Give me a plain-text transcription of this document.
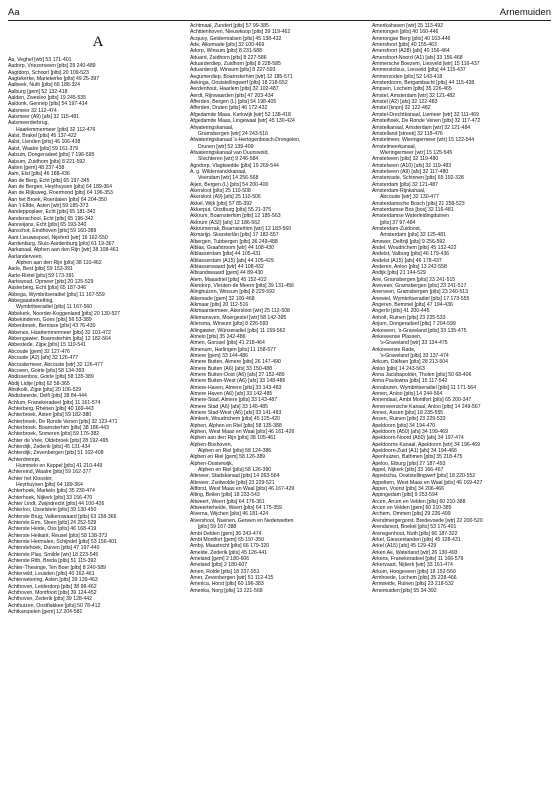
Aa	Arnemuiden
A
Aa, Veghel [wtr] 53 171-401
Aadorp, Vriezenveen [plts] 29 240-489
Aagtdorp, Schoorl [plts] 20 109-523
Aagtekerke, Mariekerke [plts] 49 25-397
Aalbeek, Nuth [plts] 66 188-324
Aalburg [gem] 52 132-418
Aalden, Zweeloo [plts] 19 245-535
Aaldonk, Gennep [plts] 54 197-414
Aalsmeer 32 112-474
Aalsmeer (A9) [afs] 32 115-481
Aalsmeerderbrug,
Haarlemmermeer [plts] 32 112-476
Aalst, Brakel [plts] 45 137-422
Aalst, Lienden [plts] 46 166-438
Aalst, Waalre [plts] 59 161-379
Aalsum, Dongeradeel [plts] 7 196-595
Aalsum, Zuidhorn [plts] 8 221-592
Aalten [gem] 48 237-438
Aam, Elst [plts] 46 188-436
Aan de Berg, Echt [plts] 65 197-345
Aan de Bergen, Heythuysen [plts] 64 189-364
Aan de Rijksweg, Roermond [plts] 64 196-353
Aan het Broek, Roerdalen [plts] 64 204-350
Aan 't Elfde, Asten [wtr] 59 185-373
Aandeppoplaer, Echt [plts] 65 181-342
Aandenschool, Echt [plts] 65 196-342
Aanneijans, Echt [plts] 65 193-340
Aanschot, Eindhoven [plts] 59 160-389
Aant Lieuwespoel, Nijeferd [wtr] 16 162-550
Aardenburg, Sluis-Aardenburg [plts] 61 19-367
Aarkanaal, Alphen aan den Rijn [wtr] 38 108-461
Aarlanderveen,
Alphen aan den Rijn [plts] 38 110-462
Aarle, Best [plts] 59 153-391
Aarle-Rixtel [plts] 59 173-391
Aartswoud, Opmeer [plts] 20 125-529
Aasterberg, Echt [plts] 65 187-346
Abbega, Wymbritseradiel [plts] 11 167-559
Abbegaasterketting,
Wymbritseradiel [plts] 11 167-560
Abbekerk, Noorder-Koggenland [plts] 20 130-527
Abbekinderen, Goes [plts] 56 53-389
Abbenbroek, Bernisse [plts] 43 76-430
Abbenes, Haarlemmermeer [plts] 32 101-472
Abbengawier, Boarnsterhim [plts] 12 182-564
Abbestede, Zijpe [plts] 15 110-541
Abcoude [gem] 32 127-476
Abcoude (A2) [afs] 32 126-477
Abcoudermeer, Abcoude [wtr] 32 126-477
Abcoven, Goirle [plts] 58 134-393
Abdissenbos, Goirle [plts] 58 135-389
Abdij Lidije [plts] 62 58-365
Abstkolk, Zijpe [plts] 20 106-529
Abdisbeerde, Delfi [plts] 38 84-444
Achlum, Franekeradeel [plts] 11 161-574
Achterberg, Rhenen [plts] 40 169-443
Achterbroek, Asten [plts] 59 182-380
Achterbroek, De Ronde Venen [plts] 32 123-471
Achterbroek, Boarnsterhim [plts] 38 186-443
Achterbroek, Someren [plts] 59 176-382
Achter de Vree, Oldebroek [plts] 28 192-495
Achterdijk, Zederik [plts] 45 131-434
Achterdijk, Zevenbergen [plts] 51 102-408
Achterdrempt,
Hummelo en Keppel [plts] 41 210-449
Achtereind, Waalre [plts] 59 162-377
Achter het Klooster,
Heythuysen [plts] 64 189-364
Achterhoek, Markelo [plts] 35 230-474
Achterhoek, Nijkerk [plts] 33 156-470
Achter Lindt, Zwijndrecht [plts] 44 100-426
Achterloo, IJsselstein [plts] 39 130-450
Achterste Brug, Valkenswaard [plts] 63 158-366
Achterste Erm, Sleen [plts] 24 252-529
Achterste Heide, Oss [plts] 46 168-419
Achterste Heikant, Reusel [plts] 58 138-373
Achterste Hermalen, Schijndel [plts] 53 156-401
Achterstehoek, Duiven [plts] 47 197-440
Achterste Plas, Smilde [wtr] 18 223-545
Achterste Rith, Breda [plts] 51 115-392
Achter-Thesinge, Ten Boer [plts] 8 240-589
Achterveld, Leusden [plts] 40 162-461
Achterwetering, Asten [plts] 39 139-463
Achthoven, Leiderdorp [plts] 38 98-462
Achthoven, Montfoort [plts] 39 124-452
Achthoven, Zederik [plts] 39 128-442
Achthuizen, Oostflakkee [plts] 50 78-412
Achtkarspelen [gem] 12 204-581
Achtmaal, Zundert [plts] 57 99-385
Achttienhoven, Nieuwkoop [plts] 39 119-462
Acquoy, Geldermalsen [plts] 45 138-432
Ade, Alkemade [plts] 32 100-469
Adorp, Winsum [plts] 8 231-588
Aduard, Zuidhorn [plts] 8 227-586
Aduarderdiep, Zuidhorn [plts] 8 228-585
Aduarderzijl, Winsum [plts] 8 227-593
Aegumerdiep, Boarnsterhim [wtr] 12 185-571
Aekinga, Ooststellingwerf [plts] 18 218-552
Aerdenhout, Haarlem [plts] 32 102-487
Aerdt, Rijnwaarden [plts] 47 203-434
Afferden, Bergen (L) [plts] 54 198-405
Afferden, Druten [plts] 46 172-432
Afgedamde Maas, Kerkwijk [wtr] 52 138-418
Afgedamde Maas, Lingewaal [wtr] 45 130-424
Afwateringskanaal,
Gramsbergen [wtr] 24 243-516
Afwateringskanaal 's-Hertogenbosch-Drongelen,
Drunen [wtr] 52 139-409
Afwateringskanaal van Duurswold,
Slochteren [wtr] 9 246-584
Agodorp, Vlagtwedde [plts] 19 269-544
A. g. Wildervanckkanaal,
Veendam [wtr] 14 256-568
Aijen, Bergen (L) [plts] 54 200-400
Akersloot [plts] 25 110-508
Akersloot (A9) [afs] 25 110-506
Akkel, Wijk [plts] 57 85-392
Akkerput, Oostburg [plts] 55 21-375
Akkrum, Boarnsterhim [plts] 12 185-563
Akkrum (A32) [afs] 12 186-562
Akkrumerrak, Boarnsterhim [wtr] 12 183-560
Akmarijp, Skarsterlân [plts] 17 182-557
Albergen, Tubbergen [plts] 36 249-488
Alblas, Graafstroom [wtr] 44 108-430
Alblasserdam [plts] 44 105-431
Alblasserdam (A15) [afs] 44 105-429
Alblasserwaard [wtr] 44 108-432
Albrandswaard [gem] 44 89-430
Alem, Maasdriel [plts] 45 152-422
Alendorp, Vleuten-de Meern [plts] 39 131-456
Alinghuizen, Winsum [plts] 8 229-592
Alkemade [gem] 32 100-468
Alkmaar [plts] 20 112-516
Alkmaardermeer, Akersloot [wtr] 25 112-508
Allemansven, Moergestel [wtr] 58 142-395
Allersma, Winsum [plts] 8 226-593
Allingawier, Wûnseradiel [plts] 11 159-562
Almelo [plts] 35 242-486
Almen, Gorssel [plts] 41 218-464
Almenum, Harlingen [plts] 11 158-577
Almere [gem] 33 144-486
Almere Buiten, Almere [plts] 26 147-490
Almere Buiten (A6) [afs] 33 150-488
Almere Buiten-Oost (A6) [afs] 27 152-489
Almere Buiten-West (A6) [afs] 33 148-486
Almere-Haven, Almere [plts] 33 143-483
Almere Haven (A6) [afs] 33 142-485
Almere-Stad, Almere [plts] 33 143-487
Almere Stad (A6) [afs] 33 146-485
Almere Stad-West (A6) [afs] 33 141-483
Almkerk, Woudrichem [plts] 45 125-420
Alphen, Alphen en Riel [plts] 58 135-388
Alphen, West Maas en Waal [plts] 46 161-426
Alphen aan den Rijn [plts] 38 105-461
Alphen-Boshoven,
Alphen en Riel [plts] 58 124-386
Alphen en Riel [gem] 58 126-389
Alphen-Oosterwijk,
Alphen en Riel [plts] 58 126-390
Alteveer, Stadskanaal [plts] 14 263-564
Alteveer, Zuidwolde [plts] 23 229-521
Altforst, West Maas en Waal [plts] 46 167-429
Alting, Beilen [plts] 18 233-543
Altweert, Weert [plts] 64 176-361
Altweerterheide, Weert [plts] 64 175-359
Alverna, Wijchen [plts] 46 181-424
Alvershool, Nuenen, Gerwen en Nederwetten
[plts] 59 167-388
Ambt Delden [gem] 36 243-474
Ambt Montfort [gem] 65 197-350
Amby, Maastricht [plts] 66 179-320
Ameide, Zederik [plts] 45 126-441
Ameland [gem] 2 180-606
Ameland [plts] 2 180-607
Amen, Rolde [plts] 18 237-551
Amer, Zevenbergen [wtr] 51 112-415
America, Horst [plts] 60 196-383
Amerika, Norg [plts] 13 221-568
Amerikahaven [wtr] 25 113-492
Amerongen [plts] 40 160-446
Amerongse Berg [plts] 40 163-446
Amersfoort [plts] 40 155-463
Amersfoort (A28) [afs] 40 156-464
Amersfoort-Noord (A1) [afs] 33 156-468
Ammersche Boezem, Liesveld [wtr] 15 116-437
Ammerstolsus, Liesveld [plts] 44 115-437
Ammerzoden [plts] 52 143-418
Amsterdoorn, Bergambacht [plts] 44 115-438
Ampsen, Lochem [plts] 35 226-465
Amstel, Amsterdam [wtr] 32 121-482
Amstel (A2) [afs] 32 122-483
Amstel [knpn] 32 122-482
Amstel-Drechtkanaal, Liemeer [wtr] 32 111-469
Amstelhoek, De Ronde Venen [plts] 32 117-472
Amstelkanaal, Amsterdam [wtr] 32 121-484
Amstelland [streek] 32 118-476
Amstelmeer, Wieringermeer [wtr] 15 122-544
Amstelmeerkanaal,
Wieringermeer [wtr] 15 125-545
Amstelveen [plts] 32 119-480
Amstelveen (A10) [afs] 32 119-483
Amstelveen (A9) [afs] 32 117-480
Amstenrade, Schinnen [plts] 65 192-328
Amsterdam [plts] 32 121-487
Amsterdam-Rijnkanaal,
Abcoude [wtr] 32 130-477
Amsterdamsche Bosch [plts] 21 258-523
Amsterdamse Bos [bos] 32 116-481
Amsterdamse Waterleidingduinen
[plts] 37 97-484
Amsterdam-Zuidoost,
Amsterdam [plts] 32 125-481
Amswer, Delfzijl [plts] 9 256-592
Andel, Woudrichem [plts] 45 132-422
Andelst, Valburg [plts] 46 179-436
Andelst (A15) [afs] 46 178-437
Anderen, Anloo [plts] 13 242-558
Andijk [plts] 21 144-529
Ane, Gramsbergen [plts] 23 241-515
Aneveen, Gramsbergen [plts] 23 241-517
Anerveen, Gramsbergen [plts] 23 240-513
Anewiel, Wymbritseradiel [plts] 17 173-555
Angeren, Bemmel [plts] 47 194-436
Angerlo [plts] 41 200-445
Anholt, Ruinen [plts] 23 225-533
Anjum, Dongeradeel [plts] 7 204-599
Ankeveen, 's-Graveland [plts] 33 135-475
Ankeveense Plassen,
's-Graveland [wtr] 33 134-475
Ankeveense Rade,
's-Graveland [plts] 33 137-474
Ankum, Dalfsen [plts] 28 213-504
Anloo [plts] 14 243-563
Anna Jacobapolder, Tholen [plts] 50 68-406
Anna Paulowna [plts] 15 117-542
Annaburen, Wymbritseradiel [plts] 11 171-564
Annen, Anloo [plts] 14 244-564
Annendaal, Ambt Montfort [plts] 65 200-347
Annerveensche Kanaal, Anloo [plts] 14 249-567
Annex, Assen [plts] 18 235-555
Ansen, Ruinen [plts] 23 229-533
Apeldoorn [plts] 34 194-470
Apeldoorn (A50) [afs] 34 199-469
Apeldoorn-Noord (A50) [afs] 34 197-474
Apeldoorns Kanaal, Apeldoorn [wtr] 34 196-469
Apeldoorn-Zuid (A1) [afs] 34 194-466
Apenhuizen, Bathmen [plts] 35 218-475
Apeloo, Elburg [plts] 27 187-493
Appel, Nijkerk [plts] 33 166-467
Appelscha, Ooststellingwerf [plts] 18 220-552
Appeltern, West Maas en Waal [plts] 46 169-427
Appen, Voorst [plts] 34 206-466
Appingedam [plts] 9 253-594
Arcen, Arcen en Velden [plts] 60 210-388
Arcen en Velden [gem] 60 210-385
Archem, Ommen [plts] 29 226-499
Arendmergergorst, Bredevoede [wtr] 22 200-520
Arendsnest, Boekel [plts] 53 176-401
Arensgenhout, Nuth [plts] 66 187-322
Arkel, Giessenlanden [plts] 45 128-431
Arkel (A15) [afs] 45 129-429
Arken Ae, Waterland [wtr] 26 130-493
Arkens, Franekeradeel [plts] 11 166-579
Arkervaart, Nijkerk [wtr] 33 161-474
Arkum, Hoogeveen [plts] 18 152-560
Armhoede, Lochem [plts] 35 228-466
Armweide, Ruinen [plts] 23 218-532
Arnemuiden [plts] 55 34-392
